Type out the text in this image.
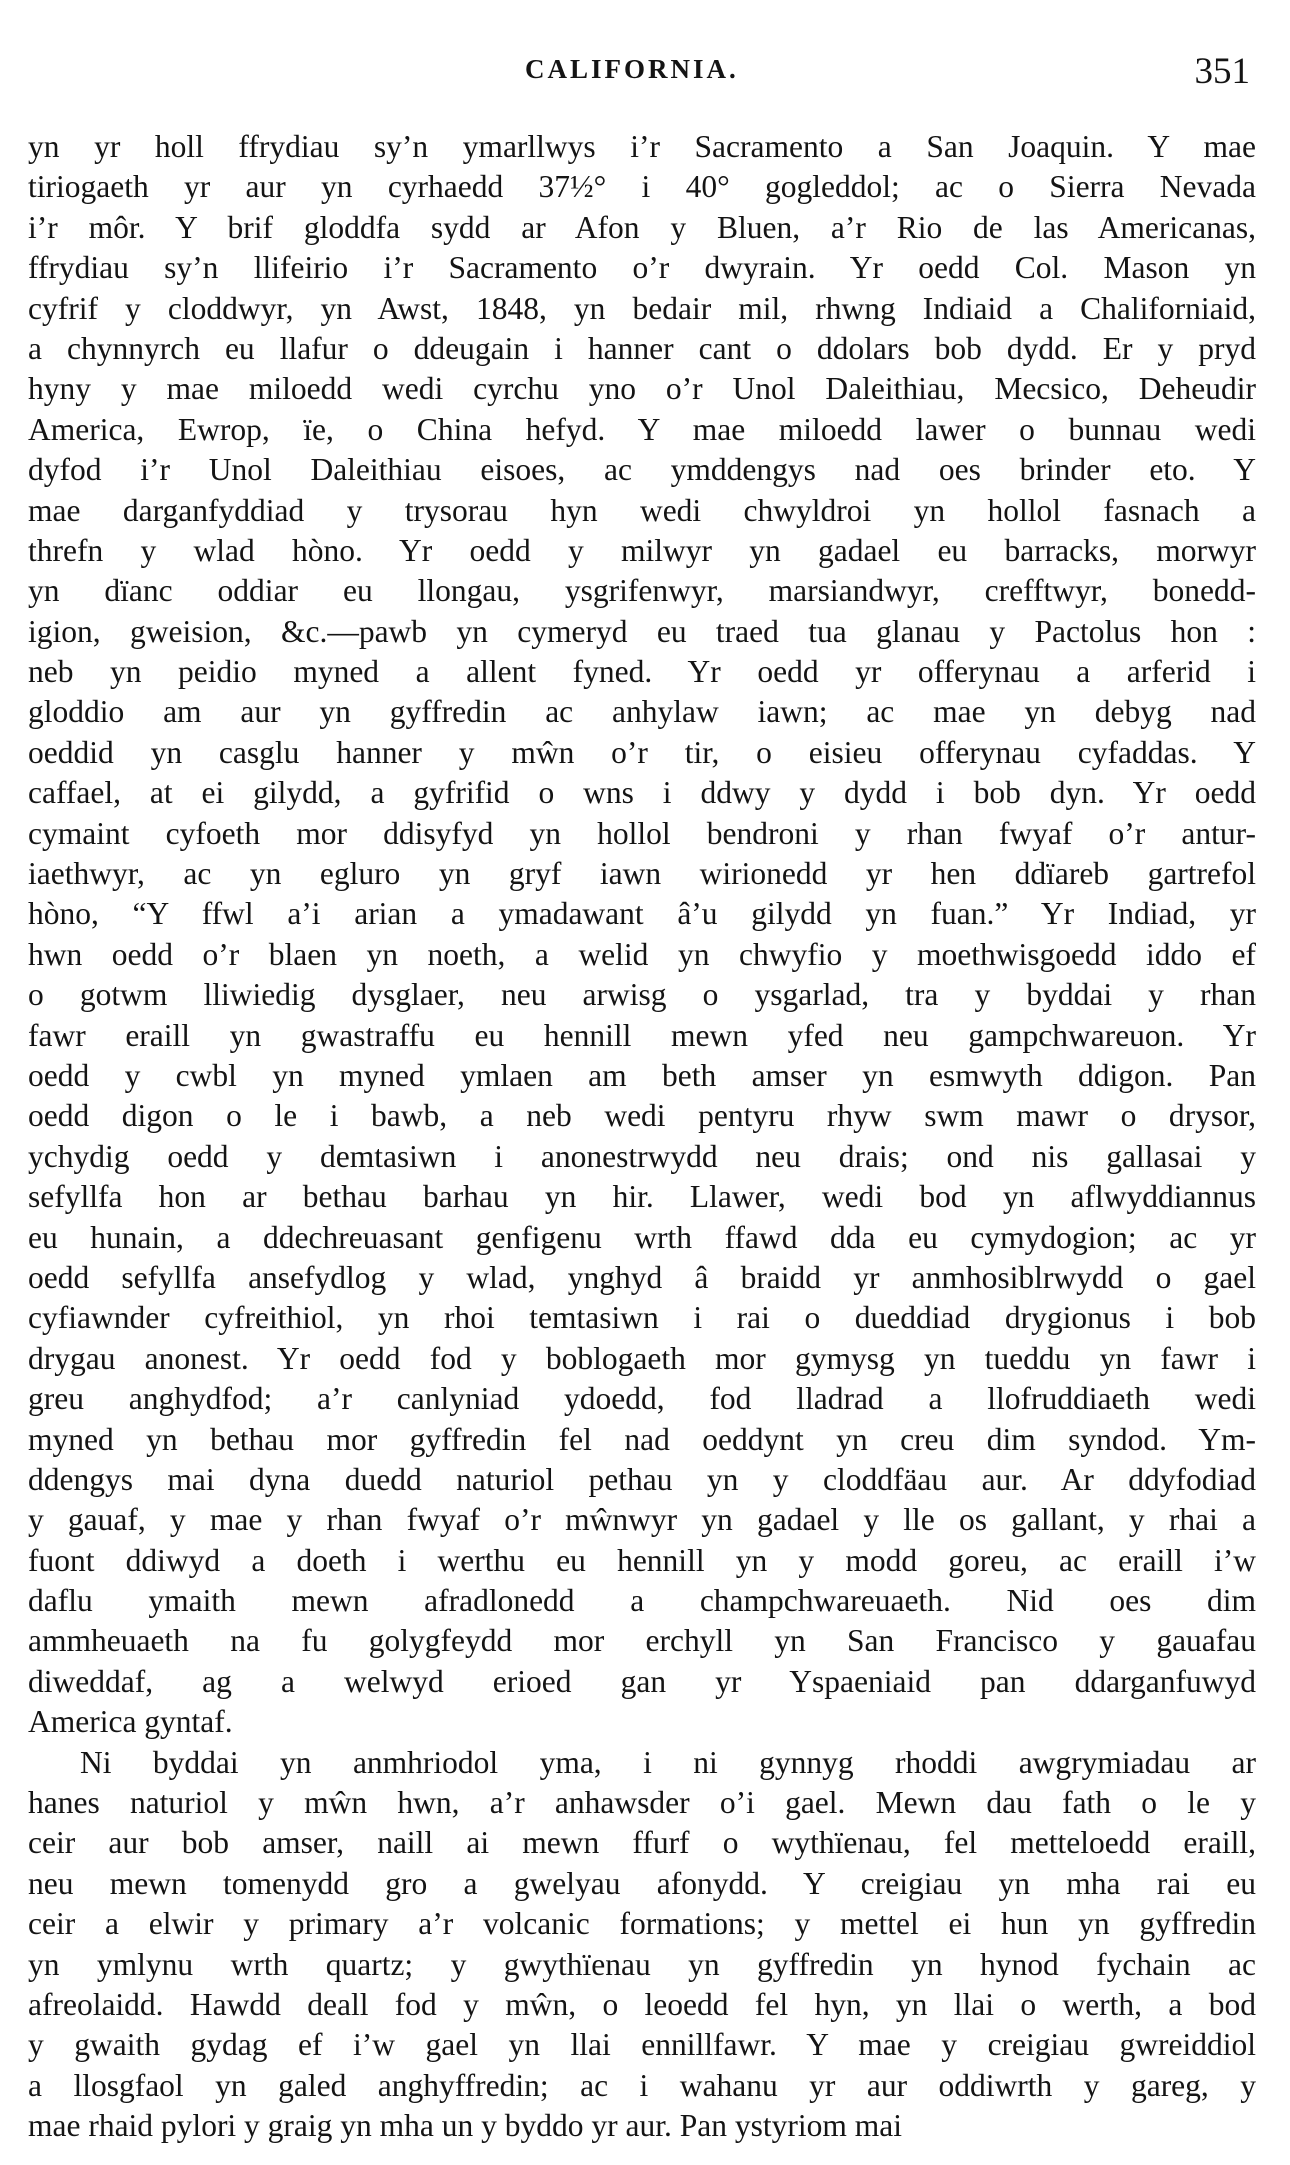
CALIFORNIA.	351
yn yr holl ffrydiau sy’n ymarllwys i’r Sacramento a San Joaquin. Y mae
tiriogaeth yr aur yn cyrhaedd 37½° i 40° gogleddol; ac o Sierra Nevada
i’r môr. Y brif gloddfa sydd ar Afon y Bluen, a’r Rio de las Americanas,
ffrydiau sy’n llifeirio i’r Sacramento o’r dwyrain. Yr oedd Col. Mason yn
cyfrif y cloddwyr, yn Awst, 1848, yn bedair mil, rhwng Indiaid a Chaliforniaid,
a chynnyrch eu llafur o ddeugain i hanner cant o ddolars bob dydd. Er y pryd
hyny y mae miloedd wedi cyrchu yno o’r Unol Daleithiau, Mecsico, Deheudir
America, Ewrop, ïe, o China hefyd. Y mae miloedd lawer o bunnau wedi
dyfod i’r Unol Daleithiau eisoes, ac ymddengys nad oes brinder eto. Y
mae darganfyddiad y trysorau hyn wedi chwyldroi yn hollol fasnach a
threfn y wlad hòno. Yr oedd y milwyr yn gadael eu barracks, morwyr
yn dïanc oddiar eu llongau, ysgrifenwyr, marsiandwyr, crefftwyr, bonedd-
igion, gweision, &c.—pawb yn cymeryd eu traed tua glanau y Pactolus hon :
neb yn peidio myned a allent fyned. Yr oedd yr offerynau a arferid i
gloddio am aur yn gyffredin ac anhylaw iawn; ac mae yn debyg nad
oeddid yn casglu hanner y mŵn o’r tir, o eisieu offerynau cyfaddas. Y
caffael, at ei gilydd, a gyfrifid o wns i ddwy y dydd i bob dyn. Yr oedd
cymaint cyfoeth mor ddisyfyd yn hollol bendroni y rhan fwyaf o’r antur-
iaethwyr, ac yn egluro yn gryf iawn wirionedd yr hen ddïareb gartrefol
hòno, “Y ffwl a’i arian a ymadawant â’u gilydd yn fuan.” Yr Indiad, yr
hwn oedd o’r blaen yn noeth, a welid yn chwyfio y moethwisgoedd iddo ef
o gotwm lliwiedig dysglaer, neu arwisg o ysgarlad, tra y byddai y rhan
fawr eraill yn gwastraffu eu hennill mewn yfed neu gampchwareuon. Yr
oedd y cwbl yn myned ymlaen am beth amser yn esmwyth ddigon. Pan
oedd digon o le i bawb, a neb wedi pentyru rhyw swm mawr o drysor,
ychydig oedd y demtasiwn i anonestrwydd neu drais; ond nis gallasai y
sefyllfa hon ar bethau barhau yn hir. Llawer, wedi bod yn aflwyddiannus
eu hunain, a ddechreuasant genfigenu wrth ffawd dda eu cymydogion; ac yr
oedd sefyllfa ansefydlog y wlad, ynghyd â braidd yr anmhosiblrwydd o gael
cyfiawnder cyfreithiol, yn rhoi temtasiwn i rai o dueddiad drygionus i bob
drygau anonest. Yr oedd fod y boblogaeth mor gymysg yn tueddu yn fawr i
greu anghydfod; a’r canlyniad ydoedd, fod lladrad a llofruddiaeth wedi
myned yn bethau mor gyffredin fel nad oeddynt yn creu dim syndod. Ym-
ddengys mai dyna duedd naturiol pethau yn y cloddfäau aur. Ar ddyfodiad
y gauaf, y mae y rhan fwyaf o’r mŵnwyr yn gadael y lle os gallant, y rhai a
fuont ddiwyd a doeth i werthu eu hennill yn y modd goreu, ac eraill i’w
daflu ymaith mewn afradlonedd a champchwareuaeth. Nid oes dim
ammheuaeth na fu golygfeydd mor erchyll yn San Francisco y gauafau
diweddaf, ag a welwyd erioed gan yr Yspaeniaid pan ddarganfuwyd
America gyntaf.
Ni byddai yn anmhriodol yma, i ni gynnyg rhoddi awgrymiadau ar
hanes naturiol y mŵn hwn, a’r anhawsder o’i gael. Mewn dau fath o le y
ceir aur bob amser, naill ai mewn ffurf o wythïenau, fel metteloedd eraill,
neu mewn tomenydd gro a gwelyau afonydd. Y creigiau yn mha rai eu
ceir a elwir y primary a’r volcanic formations; y mettel ei hun yn gyffredin
yn ymlynu wrth quartz; y gwythïenau yn gyffredin yn hynod fychain ac
afreolaidd. Hawdd deall fod y mŵn, o leoedd fel hyn, yn llai o werth, a bod
y gwaith gydag ef i’w gael yn llai ennillfawr. Y mae y creigiau gwreiddiol
a llosgfaol yn galed anghyffredin; ac i wahanu yr aur oddiwrth y gareg, y
mae rhaid pylori y graig yn mha un y byddo yr aur. Pan ystyriom mai
